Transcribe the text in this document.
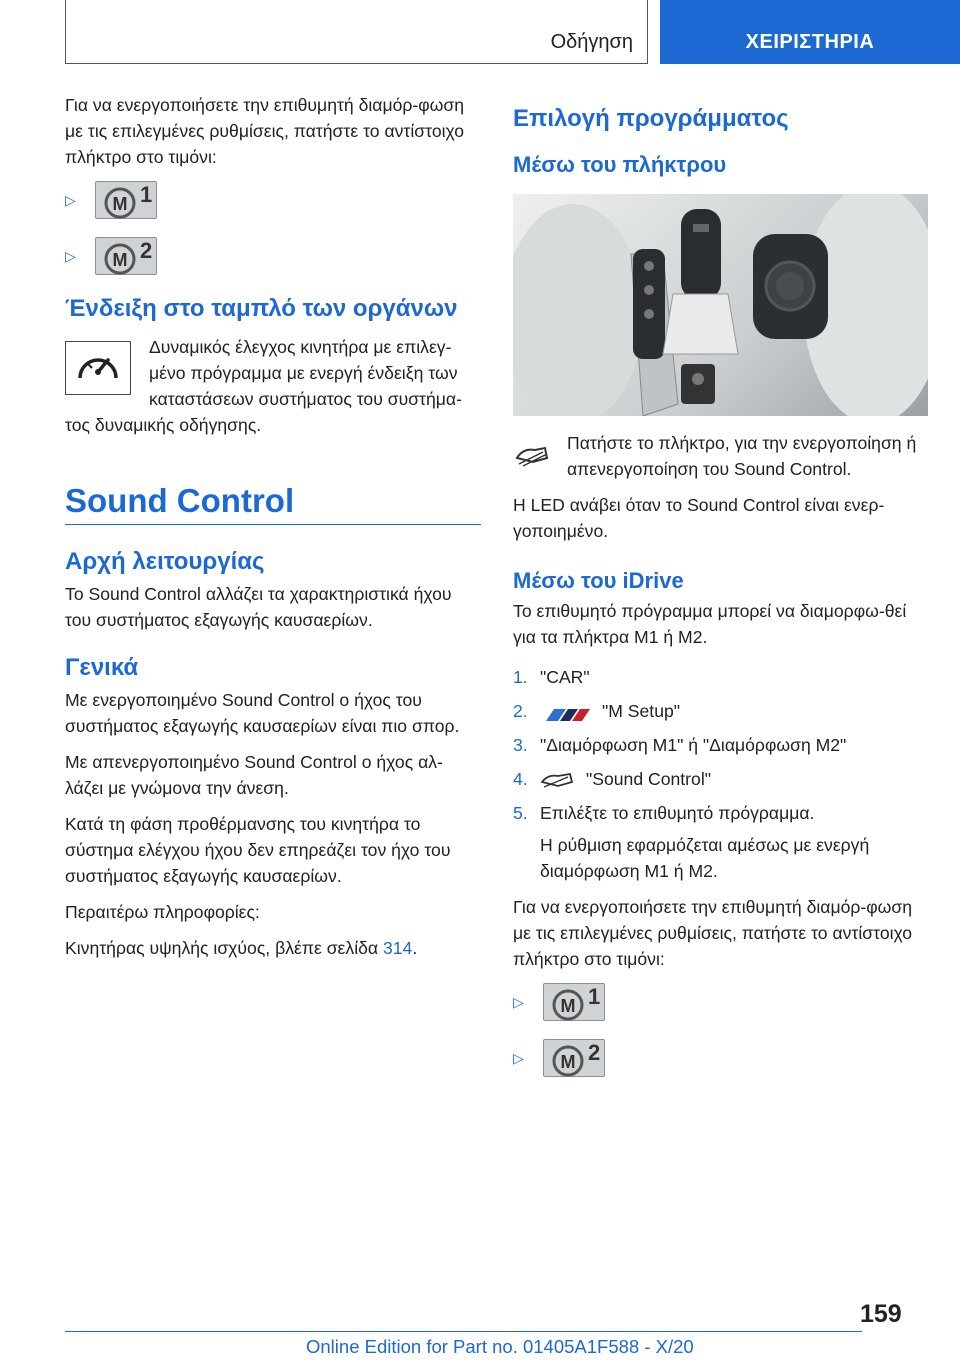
Οδήγηση	ΧΕΙΡΙΣΤΗΡΙΑ

Για να ενεργοποιήσετε την επιθυμητή διαμόρ-φωση με τις επιλεγμένες ρυθμίσεις, πατήστε το αντίστοιχο πλήκτρο στο τιμόνι:

▷	M 1
▷	M 2
Ένδειξη στο ταμπλό των οργάνων

Δυναμικός έλεγχος κινητήρα με επιλεγ-μένο πρόγραμμα με ενεργή ένδειξη των καταστάσεων συστήματος του συστήμα-τος δυναμικής οδήγησης.

Sound Control
Αρχή λειτουργίας

Το Sound Control αλλάζει τα χαρακτηριστικά ήχου του συστήματος εξαγωγής καυσαερίων.

Γενικά

Με ενεργοποιημένο Sound Control ο ήχος του συστήματος εξαγωγής καυσαερίων είναι πιο σπορ.

Με απενεργοποιημένο Sound Control ο ήχος αλ-λάζει με γνώμονα την άνεση.

Κατά τη φάση προθέρμανσης του κινητήρα το σύστημα ελέγχου ήχου δεν επηρεάζει τον ήχο του συστήματος εξαγωγής καυσαερίων.

Περαιτέρω πληροφορίες:

Κινητήρας υψηλής ισχύος, βλέπε σελίδα 314.

Επιλογή προγράμματος
Μέσω του πλήκτρου

Πατήστε το πλήκτρο, για την ενεργοποίηση ή απενεργοποίηση του Sound Control.

Η LED ανάβει όταν το Sound Control είναι ενερ-γοποιημένο.

Μέσω του iDrive

Το επιθυμητό πρόγραμμα μπορεί να διαμορφω-θεί για τα πλήκτρα M1 ή M2.

1. "CAR"
2.	"M Setup"
3. "Διαμόρφωση M1" ή "Διαμόρφωση M2"
4.	"Sound Control"
5. Επιλέξτε το επιθυμητό πρόγραμμα.

Η ρύθμιση εφαρμόζεται αμέσως με ενεργή διαμόρφωση M1 ή M2.

Για να ενεργοποιήσετε την επιθυμητή διαμόρ-φωση με τις επιλεγμένες ρυθμίσεις, πατήστε το αντίστοιχο πλήκτρο στο τιμόνι:

▷	M 1
▷	M 2
159
Online Edition for Part no. 01405A1F588 - X/20
